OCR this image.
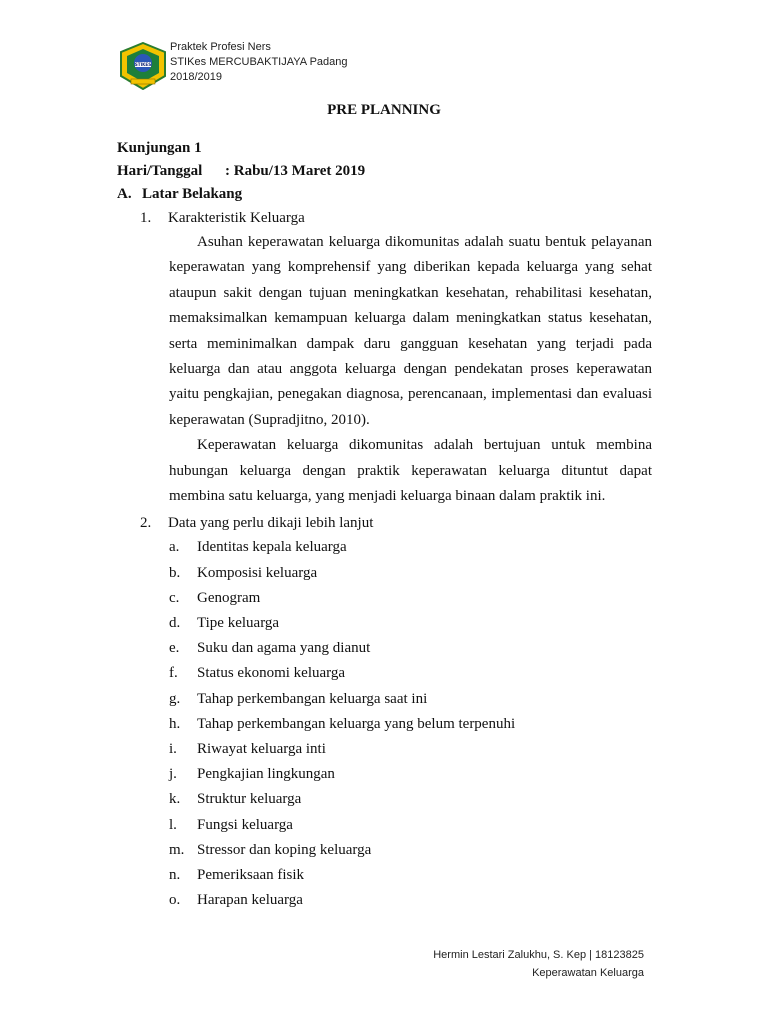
STIKES
Praktek Profesi Ners
STIKes MERCUBAKTIJAYA Padang
2018/2019
PRE PLANNING
Kunjungan 1
Hari/Tanggal : Rabu/13 Maret 2019
A. Latar Belakang
1.	Karakteristik Keluarga

Asuhan keperawatan keluarga dikomunitas adalah suatu bentuk pelayanan keperawatan yang komprehensif yang diberikan kepada keluarga yang sehat ataupun sakit dengan tujuan meningkatkan kesehatan, rehabilitasi kesehatan, memaksimalkan kemampuan keluarga dalam meningkatkan status kesehatan, serta meminimalkan dampak daru gangguan kesehatan yang terjadi pada keluarga dan atau anggota keluarga dengan pendekatan proses keperawatan yaitu pengkajian, penegakan diagnosa, perencanaan, implementasi dan evaluasi keperawatan (Supradjitno, 2010).

Keperawatan keluarga dikomunitas adalah bertujuan untuk membina hubungan keluarga dengan praktik keperawatan keluarga dituntut dapat membina satu keluarga, yang menjadi keluarga binaan dalam praktik ini.

2.	Data yang perlu dikaji lebih lanjut
a.	Identitas kepala keluarga
b.	Komposisi keluarga
c.	Genogram
d.	Tipe keluarga
e.	Suku dan agama yang dianut
f.	Status ekonomi keluarga
g.	Tahap perkembangan keluarga saat ini
h.	Tahap perkembangan keluarga yang belum terpenuhi
i.	Riwayat keluarga inti
j.	Pengkajian lingkungan
k.	Struktur keluarga
l.	Fungsi keluarga
m. Stressor dan koping keluarga
n.	Pemeriksaan fisik
o.	Harapan keluarga
Hermin Lestari Zalukhu, S. Kep | 18123825
Keperawatan Keluarga
